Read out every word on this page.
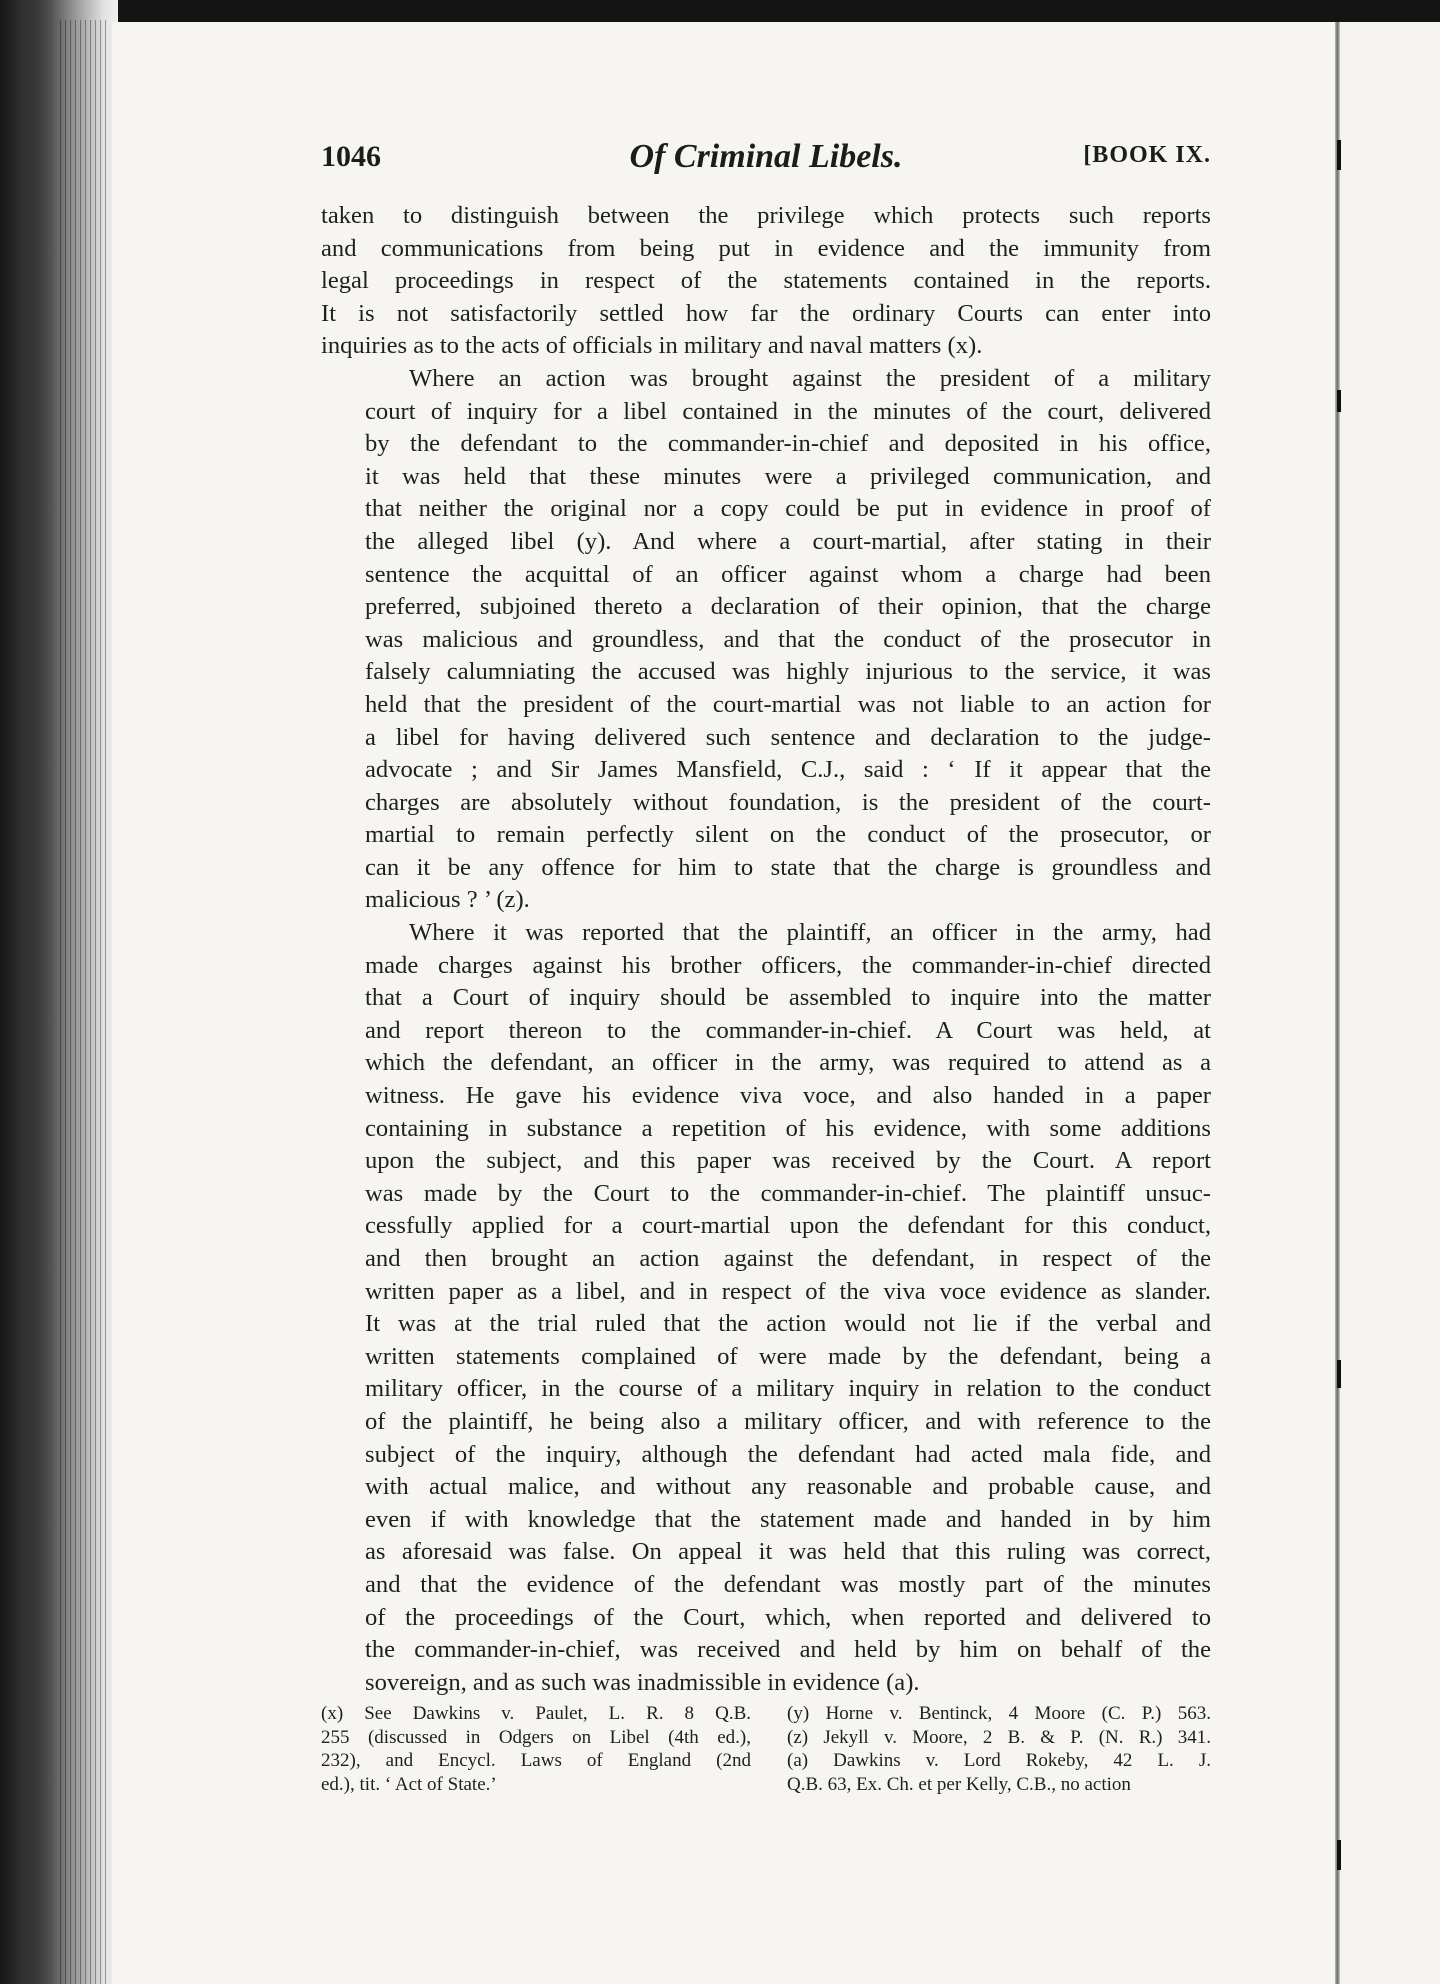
1046	Of Criminal Libels.	[BOOK IX.

taken to distinguish between the privilege which protects such reports
and communications from being put in evidence and the immunity from
legal proceedings in respect of the statements contained in the reports.
It is not satisfactorily settled how far the ordinary Courts can enter into
inquiries as to the acts of officials in military and naval matters (x).

Where an action was brought against the president of a military
court of inquiry for a libel contained in the minutes of the court, delivered
by the defendant to the commander-in-chief and deposited in his office,
it was held that these minutes were a privileged communication, and
that neither the original nor a copy could be put in evidence in proof of
the alleged libel (y). And where a court-martial, after stating in their
sentence the acquittal of an officer against whom a charge had been
preferred, subjoined thereto a declaration of their opinion, that the charge
was malicious and groundless, and that the conduct of the prosecutor in
falsely calumniating the accused was highly injurious to the service, it was
held that the president of the court-martial was not liable to an action for
a libel for having delivered such sentence and declaration to the judge-
advocate ; and Sir James Mansfield, C.J., said : ‘ If it appear that the
charges are absolutely without foundation, is the president of the court-
martial to remain perfectly silent on the conduct of the prosecutor, or
can it be any offence for him to state that the charge is groundless and
malicious ? ’ (z).

Where it was reported that the plaintiff, an officer in the army, had
made charges against his brother officers, the commander-in-chief directed
that a Court of inquiry should be assembled to inquire into the matter
and report thereon to the commander-in-chief. A Court was held, at
which the defendant, an officer in the army, was required to attend as a
witness. He gave his evidence viva voce, and also handed in a paper
containing in substance a repetition of his evidence, with some additions
upon the subject, and this paper was received by the Court. A report
was made by the Court to the commander-in-chief. The plaintiff unsuc-
cessfully applied for a court-martial upon the defendant for this conduct,
and then brought an action against the defendant, in respect of the
written paper as a libel, and in respect of the viva voce evidence as slander.
It was at the trial ruled that the action would not lie if the verbal and
written statements complained of were made by the defendant, being a
military officer, in the course of a military inquiry in relation to the conduct
of the plaintiff, he being also a military officer, and with reference to the
subject of the inquiry, although the defendant had acted mala fide, and
with actual malice, and without any reasonable and probable cause, and
even if with knowledge that the statement made and handed in by him
as aforesaid was false. On appeal it was held that this ruling was correct,
and that the evidence of the defendant was mostly part of the minutes
of the proceedings of the Court, which, when reported and delivered to
the commander-in-chief, was received and held by him on behalf of the
sovereign, and as such was inadmissible in evidence (a).

(x) See Dawkins v. Paulet, L. R. 8 Q.B.
255 (discussed in Odgers on Libel (4th ed.),
232), and Encycl. Laws of England (2nd
ed.), tit. ‘ Act of State.’
(y) Horne v. Bentinck, 4 Moore (C. P.) 563.
(z) Jekyll v. Moore, 2 B. & P. (N. R.) 341.
(a) Dawkins v. Lord Rokeby, 42 L. J.
Q.B. 63, Ex. Ch. et per Kelly, C.B., no action
